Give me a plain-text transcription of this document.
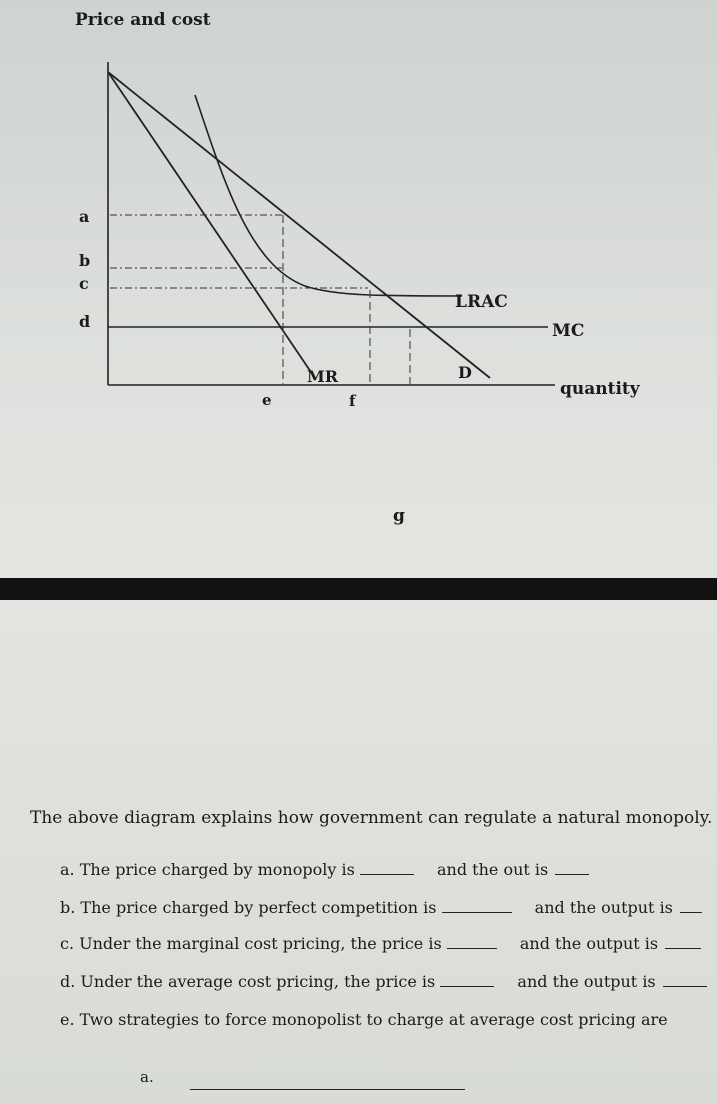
Price and cost
a
b
c
d
e	f
LRAC
MC
MR	D
quantity
g
The above diagram explains how government can regulate a natural monopoly.
a. The price charged by monopoly is	and the out is
b. The price charged by perfect competition is	and the output is
c. Under the marginal cost pricing, the price is	and the output is
d. Under the average cost pricing, the price is	and the output is
e. Two strategies to force monopolist to charge at average cost pricing are
a.
